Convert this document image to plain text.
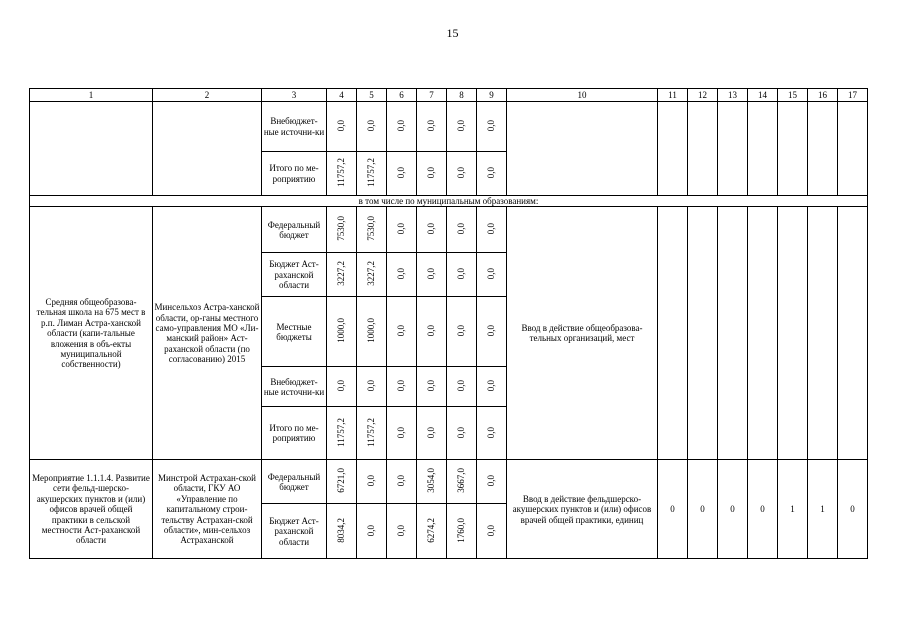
15
1	2	3	4	5	6	7	8	9	10	11	12	13	14	15	16	17
		Внебюджет-ные источни-ки	0,0	0,0	0,0	0,0	0,0	0,0								
		Итого по ме-роприятию	11757,2	11757,2	0,0	0,0	0,0	0,0								
в том числе по муниципальным образованиям:																
Средняя общеобразова-тельная школа на 675 мест в р.п. Лиман Астра-ханской области (капи-тальные вложения в объ-екты муниципальной собственности)	Минсельхоз Астра-ханской области, ор-ганы местного само-управления МО «Ли-манский район» Аст-раханской области (по согласованию) 2015	Федеральный бюджет	7530,0	7530,0	0,0	0,0	0,0	0,0	Ввод в действие общеобразова-тельных организаций, мест							
		Бюджет Аст-раханской области	3227,2	3227,2	0,0	0,0	0,0	0,0								
		Местные бюджеты	1000,0	1000,0	0,0	0,0	0,0	0,0								
		Внебюджет-ные источни-ки	0,0	0,0	0,0	0,0	0,0	0,0								
		Итого по ме-роприятию	11757,2	11757,2	0,0	0,0	0,0	0,0								
Мероприятие 1.1.1.4. Развитие сети фельд-шерско-акушерских пунктов и (или) офисов врачей общей практики в сельской местности Аст-раханской области	Минстрой Астрахан-ской области, ГКУ АО «Управление по капитальному строи-тельству Астрахан-ской области», мин-сельхоз Астраханской	Федеральный бюджет	6721,0	0,0	0,0	3054,0	3667,0	0,0	Ввод в действие фельдшерско-акушерских пунктов и (или) офисов врачей общей практики, единиц	0	0	0	0	1	1	0
		Бюджет Аст-раханской области	8034,2	0,0	0,0	6274,2	1760,0	0,0								
